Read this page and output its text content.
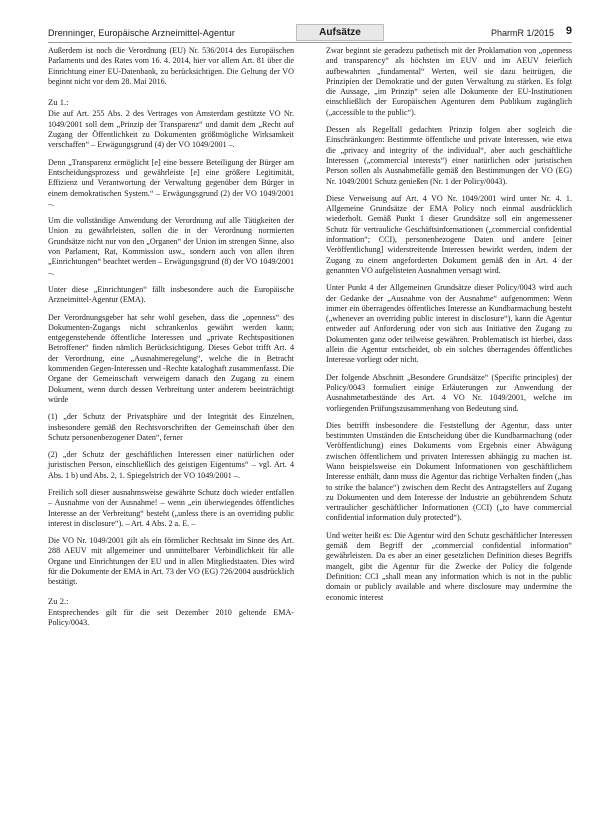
Drenninger, Europäische Arzneimittel-Agentur	Aufsätze	PharmR 1/2015 9

Außerdem ist noch die Verordnung (EU) Nr. 536/2014 des Europäischen Parlaments und des Rates vom 16. 4. 2014, hier vor allem Art. 81 über die Einrichtung einer EU-Datenbank, zu berücksichtigen. Die Geltung der VO beginnt nicht vor dem 28. Mai 2016.

Zu 1.:

Die auf Art. 255 Abs. 2 des Vertrages von Amsterdam gestützte VO Nr. 1049/2001 soll dem „Prinzip der Transparenz“ und damit dem „Recht auf Zugang der Öffentlichkeit zu Dokumenten größtmögliche Wirksamkeit verschaffen“ – Erwägungsgrund (4) der VO 1049/2001 –.

Denn „Transparenz ermöglicht [e] eine bessere Beteiligung der Bürger am Entscheidungsprozess und gewährleiste [e] eine größere Legitimität, Effizienz und Verantwortung der Verwaltung gegenüber dem Bürger in einem demokratischen System.“ – Erwägungsgrund (2) der VO 1049/2001 –.

Um die vollständige Anwendung der Verordnung auf alle Tätigkeiten der Union zu gewährleisten, sollen die in der Verordnung normierten Grundsätze nicht nur von den „Organen“ der Union im strengen Sinne, also von Parlament, Rat, Kommission usw., sondern auch von allen ihren „Einrichtungen“ beachtet werden – Erwägungsgrund (8) der VO 1049/2001 –.

Unter diese „Einrichtungen“ fällt insbesondere auch die Europäische Arzneimittel-Agentur (EMA).

Der Verordnungsgeber hat sehr wohl gesehen, dass die „openness“ des Dokumenten-Zugangs nicht schrankenlos gewährt werden kann; entgegenstehende öffentliche Interessen und „private Rechtspositionen Betroffener“ finden nämlich Berücksichtigung. Dieses Gebot trifft Art. 4 der Verordnung, eine „Ausnahmeregelung“, welche die in Betracht kommenden Gegen-Interessen und -Rechte kataloghaft zusammenfasst. Die Organe der Gemeinschaft verweigern danach den Zugang zu einem Dokument, wenn durch dessen Verbreitung unter anderem beeinträchtigt würde

(1) „der Schutz der Privatsphäre und der Integrität des Einzelnen, insbesondere gemäß den Rechtsvorschriften der Gemeinschaft über den Schutz personenbezogener Daten“, ferner

(2) „der Schutz der geschäftlichen Interessen einer natürlichen oder juristischen Person, einschließlich des geistigen Eigentums“ – vgl. Art. 4 Abs. 1 b) und Abs. 2, 1. Spiegelstrich der VO 1049/2001 –.

Freilich soll dieser ausnahmsweise gewährte Schutz doch wieder entfallen – Ausnahme von der Ausnahme! – wenn „ein überwiegendes öffentliches Interesse an der Verbreitung“ besteht („unless there is an overriding public interest in disclosure“). – Art. 4 Abs. 2 a. E. –

Die VO Nr. 1049/2001 gilt als ein förmlicher Rechtsakt im Sinne des Art. 288 AEUV mit allgemeiner und unmittelbarer Verbindlichkeit für alle Organe und Einrichtungen der EU und in allen Mitgliedstaaten. Dies wird für die Dokumente der EMA in Art. 73 der VO (EG) 726/2004 ausdrücklich bestätigt.

Zu 2.:

Entsprechendes gilt für die seit Dezember 2010 geltende EMA-Policy/0043.

Zwar beginnt sie geradezu pathetisch mit der Proklamation von „openness and transparency“ als höchsten im EUV und im AEUV feierlich aufbewahrten „fundamental“ Werten, weil sie dazu beitrügen, die Prinzipien der Demokratie und der guten Verwaltung zu stärken. Es folgt die Aussage, „im Prinzip“ seien alle Dokumente der EU-Institutionen einschließlich der Europäischen Agenturen dem Publikum zugänglich („accessible to the public“).

Dessen als Regelfall gedachten Prinzip folgen aber sogleich die Einschränkungen: Bestimmte öffentliche und private Interessen, wie etwa die „privacy and integrity of the individual“, aber auch geschäftliche Interessen („commercial interests“) einer natürlichen oder juristischen Person sollen als Ausnahmefälle gemäß den Bestimmungen der VO (EG) Nr. 1049/2001 Schutz genießen (Nr. 1 der Policy/0043).

Diese Verweisung auf Art. 4 VO Nr. 1049/2001 wird unter Nr. 4. 1. Allgemeine Grundsätze der EMA Policy noch einmal ausdrücklich wiederholt. Gemäß Punkt 1 dieser Grundsätze soll ein angemessener Schutz für vertrauliche Geschäftsinformationen („commercial confidential information“; CCI), personenbezogene Daten und andere [einer Veröffentlichung] widerstreitende Interessen bewirkt werden, indem der Zugang zu einem angeforderten Dokument gemäß den in Art. 4 der genannten VO aufgelisteten Ausnahmen versagt wird.

Unter Punkt 4 der Allgemeinen Grundsätze dieser Policy/0043 wird auch der Gedanke der „Ausnahme von der Ausnahme“ aufgenommen: Wenn immer ein überragendes öffentliches Interesse an Kundbarmachung besteht („whenever an overriding public interest in disclosure“), kann die Agentur entweder auf Anforderung oder von sich aus Initiative den Zugang zu Dokumenten ganz oder teilweise gewähren. Problematisch ist hierbei, dass allein die Agentur entscheidet, ob ein solches überragendes öffentliches Interesse vorliegt oder nicht.

Der folgende Abschnitt „Besondere Grundsätze“ (Specific principles) der Policy/0043 formuliert einige Erläuterungen zur Anwendung der Ausnahmetatbestände des Art. 4 VO Nr. 1049/2001, welche im vorliegenden Prüfungszusammenhang von Bedeutung sind.

Dies betrifft insbesondere die Feststellung der Agentur, dass unter bestimmten Umständen die Entscheidung über die Kundbarmachung (oder Veröffentlichung) eines Dokuments vom Ergebnis einer Abwägung zwischen öffentlichem und privaten Interessen abhängig zu machen ist. Wann beispielsweise ein Dokument Informationen von geschäftlichem Interesse enthält, dann muss die Agentur das richtige Verhalten finden („has to strike the balance“) zwischen dem Recht des Antragstellers auf Zugang zu Dokumenten und dem Interesse der Industrie an gebührendem Schutz vertraulicher geschäftlicher Informationen (CCI) („to have commercial confidential information duly protected“).

Und weiter heißt es: Die Agentur wird den Schutz geschäftlicher Interessen gemäß dem Begriff der „commercial confidential information“ gewährleisten. Da es aber an einer gesetzlichen Definition dieses Begriffs mangelt, gibt die Agentur für die Zwecke der Policy die folgende Definition: CCI „shall mean any information which is not in the public domain or publicly available and where disclosure may undermine the economic interest
